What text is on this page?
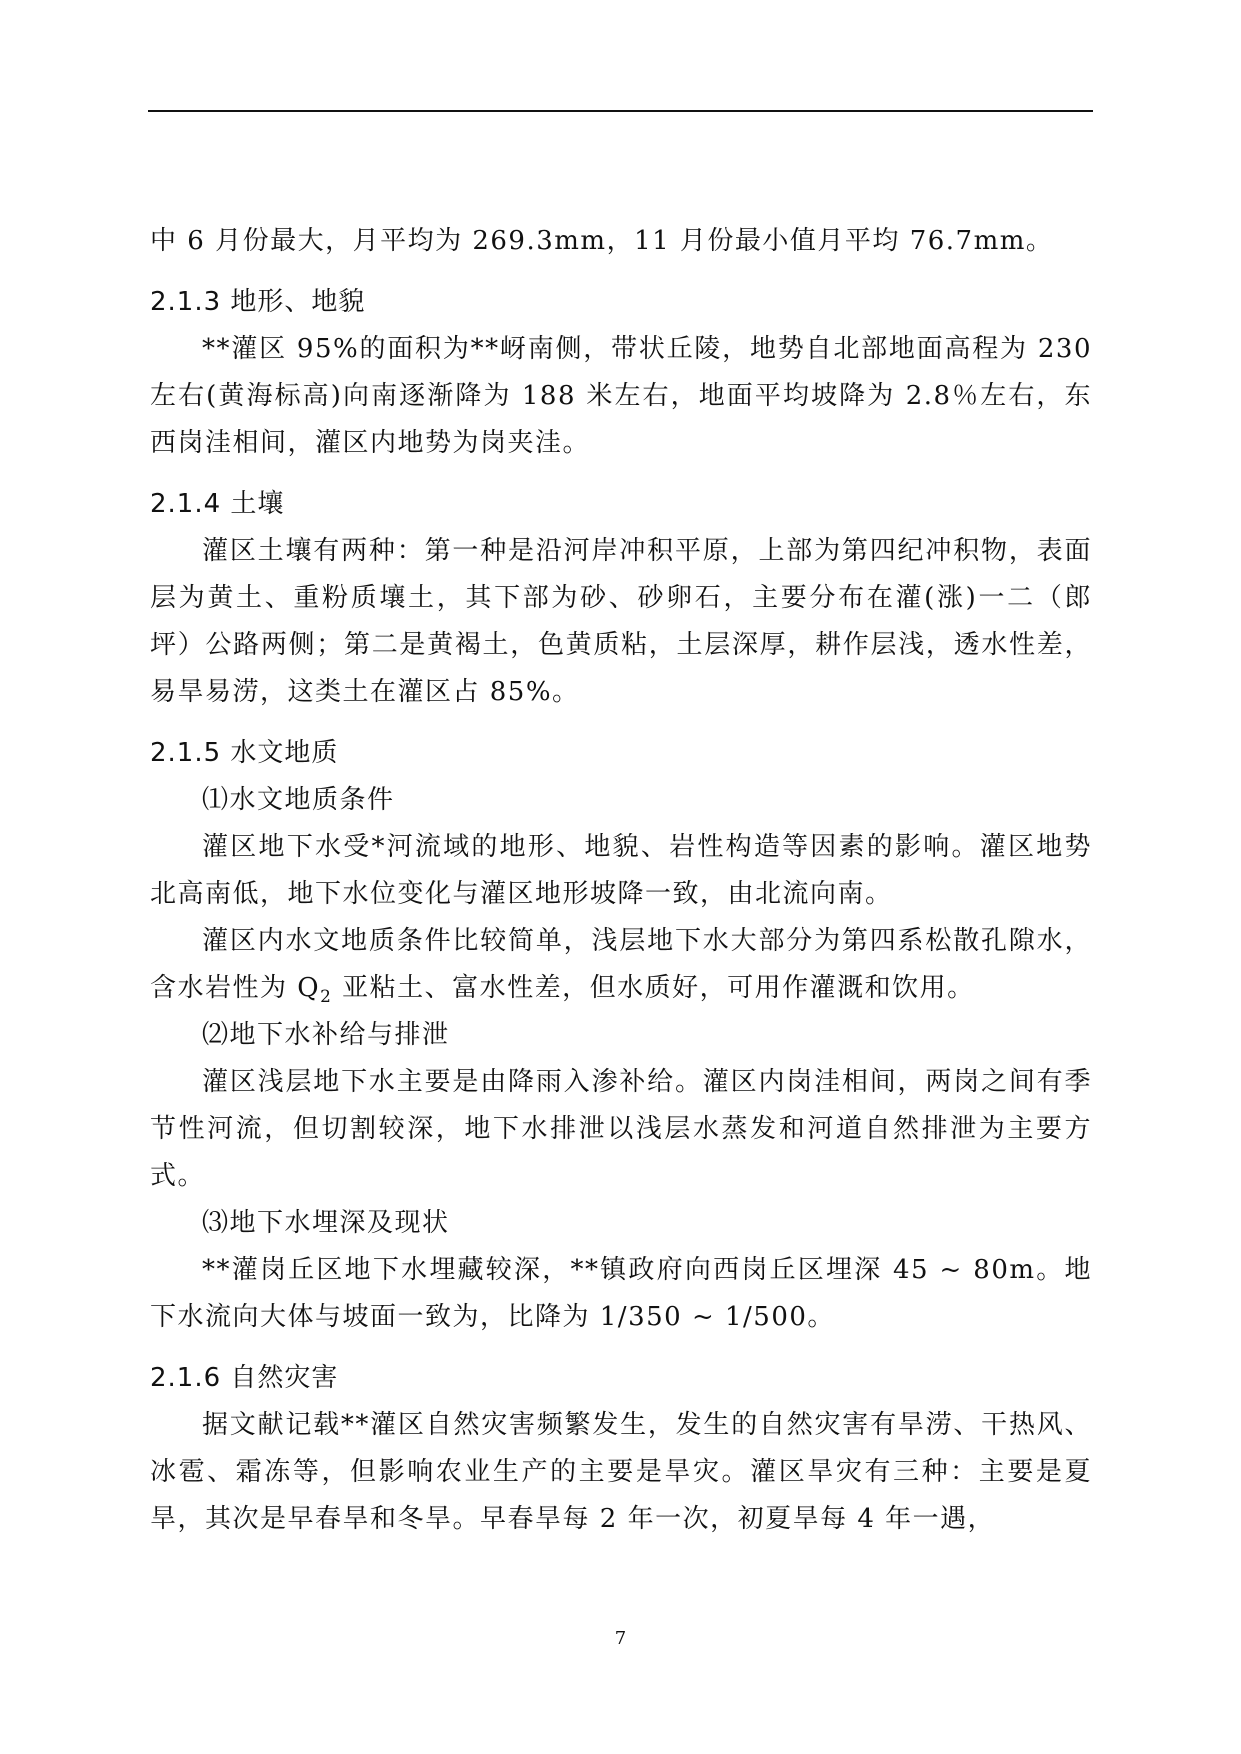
中 6 月份最大，月平均为 269.3mm，11 月份最小值月平均 76.7mm。

2.1.3 地形、地貌

**灌区 95%的面积为**岈南侧，带状丘陵，地势自北部地面高程为 230 左右(黄海标高)向南逐渐降为 188 米左右，地面平均坡降为 2.8％左右，东西岗洼相间，灌区内地势为岗夹洼。

2.1.4 土壤

灌区土壤有两种：第一种是沿河岸冲积平原，上部为第四纪冲积物，表面层为黄土、重粉质壤土，其下部为砂、砂卵石，主要分布在灌(涨)一二（郎坪）公路两侧；第二是黄褐土，色黄质粘，土层深厚，耕作层浅，透水性差，易旱易涝，这类土在灌区占 85%。

2.1.5 水文地质

⑴水文地质条件

灌区地下水受*河流域的地形、地貌、岩性构造等因素的影响。灌区地势北高南低，地下水位变化与灌区地形坡降一致，由北流向南。

灌区内水文地质条件比较简单，浅层地下水大部分为第四系松散孔隙水，含水岩性为 $Q_2$ 亚粘土、富水性差，但水质好，可用作灌溉和饮用。

⑵地下水补给与排泄

灌区浅层地下水主要是由降雨入渗补给。灌区内岗洼相间，两岗之间有季节性河流，但切割较深，地下水排泄以浅层水蒸发和河道自然排泄为主要方式。

⑶地下水埋深及现状

**灌岗丘区地下水埋藏较深，**镇政府向西岗丘区埋深 45 ~ 80m。地下水流向大体与坡面一致为，比降为 1/350 ~ 1/500。

2.1.6 自然灾害

据文献记载**灌区自然灾害频繁发生，发生的自然灾害有旱涝、干热风、冰雹、霜冻等，但影响农业生产的主要是旱灾。灌区旱灾有三种：主要是夏旱，其次是早春旱和冬旱。早春旱每 2 年一次，初夏旱每 4 年一遇，

7
